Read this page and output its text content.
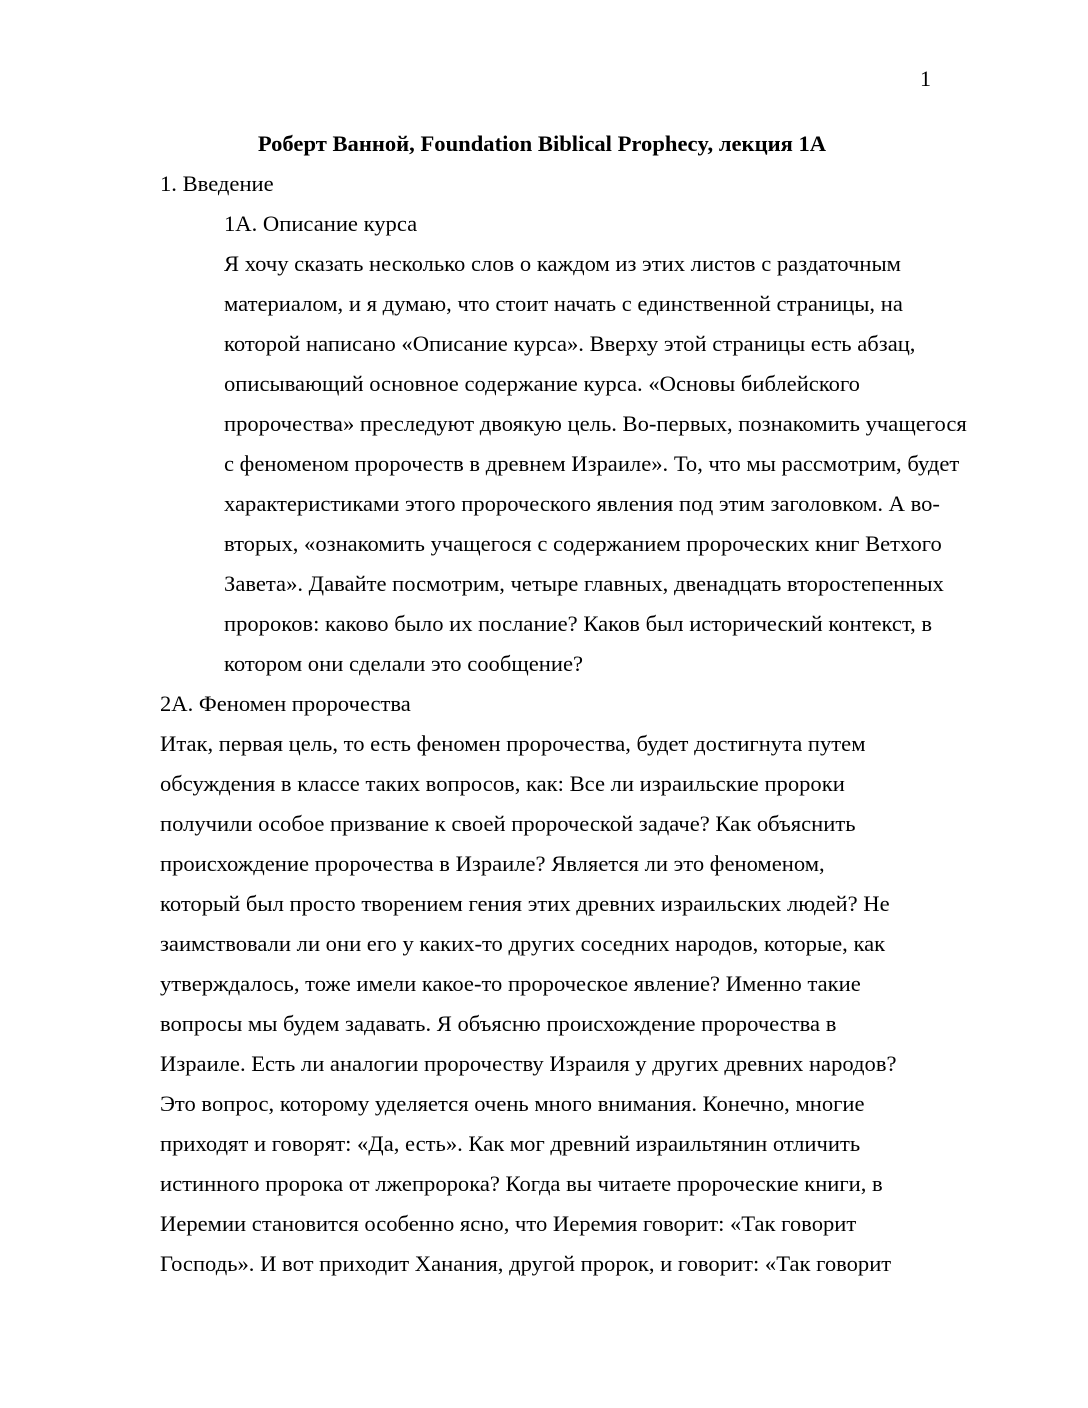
1

Роберт Ванной, Foundation Biblical Prophecy, лекция 1А

1. Введение

1А. Описание курса

Я хочу сказать несколько слов о каждом из этих листов с раздаточным
материалом, и я думаю, что стоит начать с единственной страницы, на
которой написано «Описание курса». Вверху этой страницы есть абзац,
описывающий основное содержание курса. «Основы библейского
пророчества» преследуют двоякую цель. Во-первых, познакомить учащегося
с феноменом пророчеств в древнем Израиле». То, что мы рассмотрим, будет
характеристиками этого пророческого явления под этим заголовком. А во-
вторых, «ознакомить учащегося с содержанием пророческих книг Ветхого
Завета». Давайте посмотрим, четыре главных, двенадцать второстепенных
пророков: каково было их послание? Каков был исторический контекст, в
котором они сделали это сообщение?

2А. Феномен пророчества

Итак, первая цель, то есть феномен пророчества, будет достигнута путем
обсуждения в классе таких вопросов, как: Все ли израильские пророки
получили особое призвание к своей пророческой задаче? Как объяснить
происхождение пророчества в Израиле? Является ли это феноменом,
который был просто творением гения этих древних израильских людей? Не
заимствовали ли они его у каких-то других соседних народов, которые, как
утверждалось, тоже имели какое-то пророческое явление? Именно такие
вопросы мы будем задавать. Я объясню происхождение пророчества в
Израиле. Есть ли аналогии пророчеству Израиля у других древних народов?
Это вопрос, которому уделяется очень много внимания. Конечно, многие
приходят и говорят: «Да, есть». Как мог древний израильтянин отличить
истинного пророка от лжепророка? Когда вы читаете пророческие книги, в
Иеремии становится особенно ясно, что Иеремия говорит: «Так говорит
Господь». И вот приходит Ханания, другой пророк, и говорит: «Так говорит
